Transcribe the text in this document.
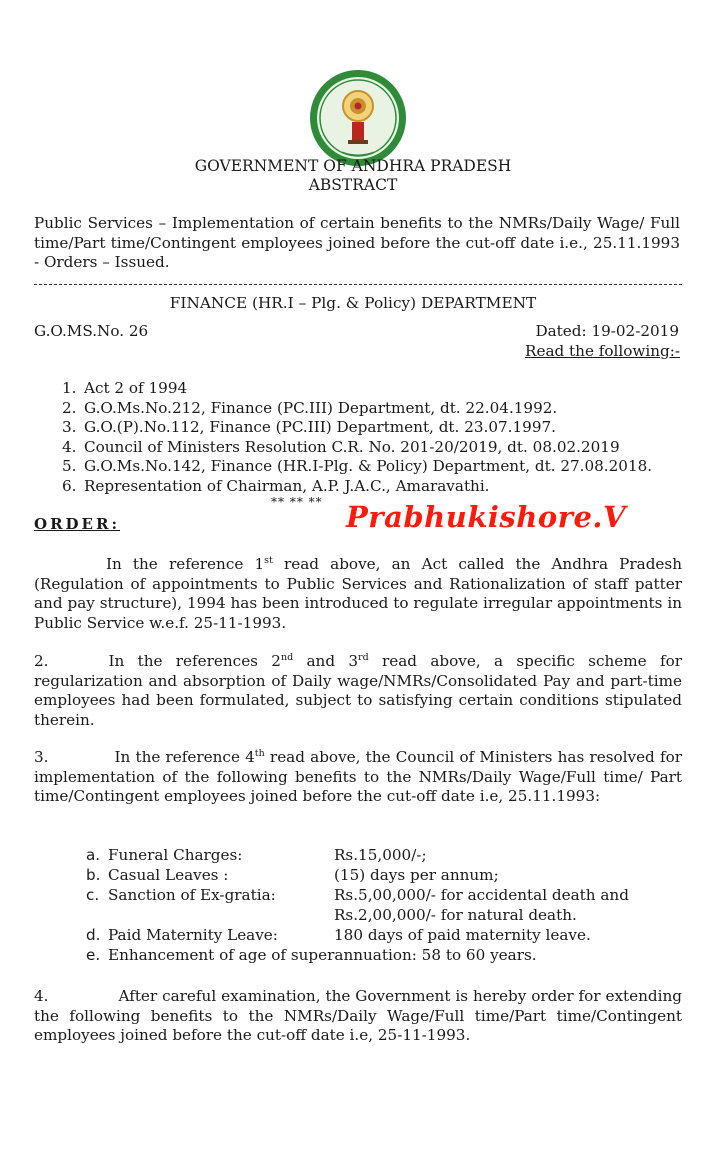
GOVERNMENT OF ANDHRA PRADESH
ABSTRACT
Public Services – Implementation of certain benefits to the NMRs/Daily Wage/ Full time/Part time/Contingent employees joined before the cut-off date i.e., 25.11.1993 - Orders – Issued.
FINANCE (HR.I – Plg. & Policy) DEPARTMENT
G.O.MS.No. 26	Dated: 19-02-2019
Read the following:-
1. Act 2 of 1994
2. G.O.Ms.No.212, Finance (PC.III) Department, dt. 22.04.1992.
3. G.O.(P).No.112, Finance (PC.III) Department, dt. 23.07.1997.
4. Council of Ministers Resolution C.R. No. 201-20/2019, dt. 08.02.2019
5. G.O.Ms.No.142, Finance (HR.I-Plg. & Policy) Department, dt. 27.08.2018.
6. Representation of Chairman, A.P. J.A.C., Amaravathi.
** ** **
ORDER:	Prabhukishore.V
In the reference 1st read above, an Act called the Andhra Pradesh (Regulation of appointments to Public Services and Rationalization of staff patter and pay structure), 1994 has been introduced to regulate irregular appointments in Public Service w.e.f. 25-11-1993.
2.	In the references 2nd and 3rd read above, a specific scheme for regularization and absorption of Daily wage/NMRs/Consolidated Pay and part-time employees had been formulated, subject to satisfying certain conditions stipulated therein.
3.	In the reference 4th read above, the Council of Ministers has resolved for implementation of the following benefits to the NMRs/Daily Wage/Full time/ Part time/Contingent employees joined before the cut-off date i.e, 25.11.1993:
a. Funeral Charges:	Rs.15,000/-;
b. Casual Leaves :	(15) days per annum;
c. Sanction of Ex-gratia:	Rs.5,00,000/- for accidental death and
Rs.2,00,000/- for natural death.
d. Paid Maternity Leave:	180 days of paid maternity leave.
e. Enhancement of age of superannuation: 58 to 60 years.
4.	After careful examination, the Government is hereby order for extending the following benefits to the NMRs/Daily Wage/Full time/Part time/Contingent employees joined before the cut-off date i.e, 25-11-1993.
